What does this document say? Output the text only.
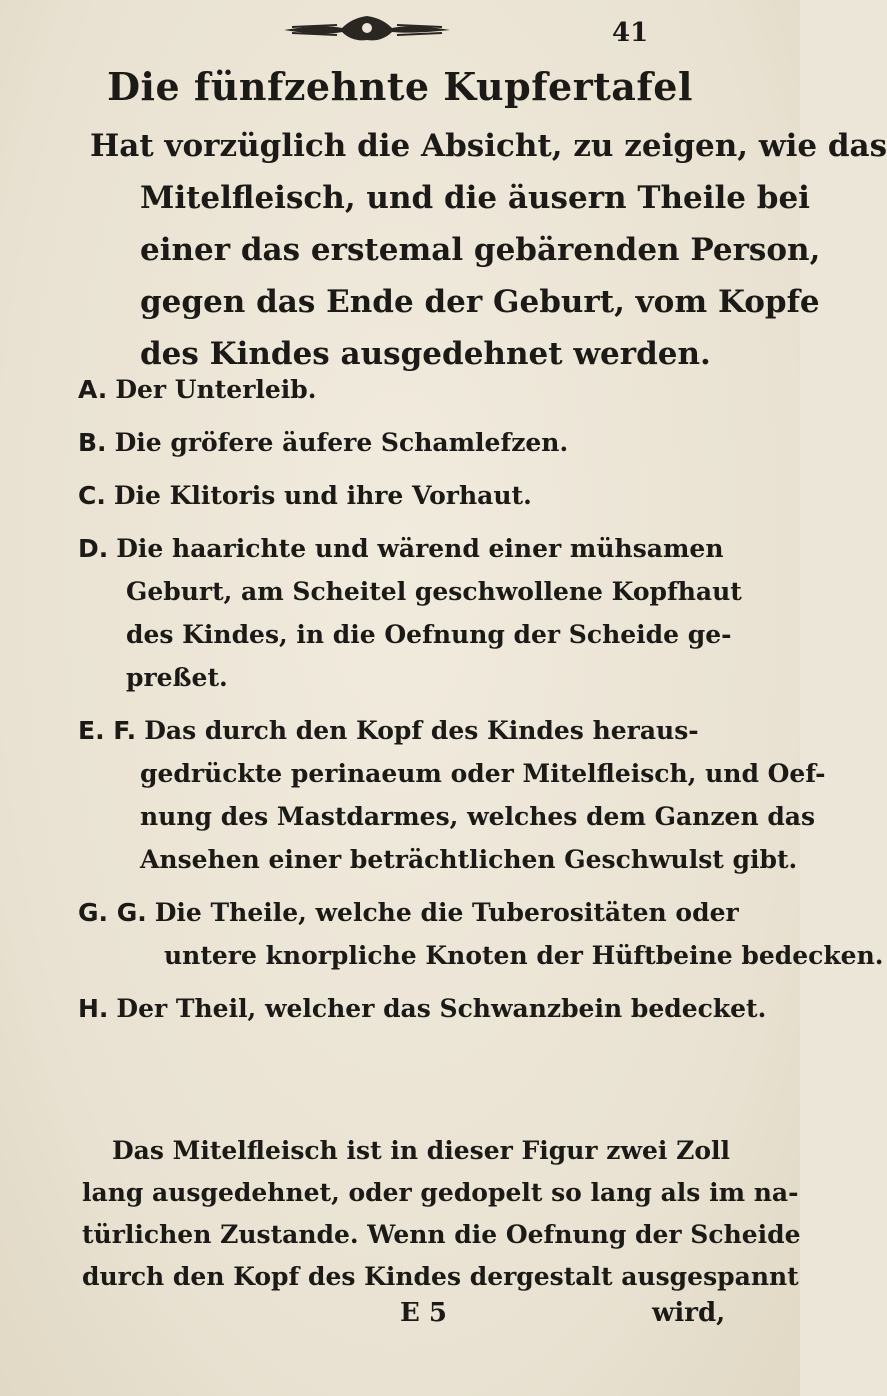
41
Die fünfzehnte Kupfertafel
Hat vorzüglich die Absicht, zu zeigen, wie das
Mitelfleisch, und die äusern Theile bei
einer das erstemal gebärenden Person,
gegen das Ende der Geburt, vom Kopfe
des Kindes ausgedehnet werden.
A. Der Unterleib.
B. Die gröfere äufere Schamlefzen.
C. Die Klitoris und ihre Vorhaut.
D. Die haarichte und wärend einer mühsamen
Geburt, am Scheitel geschwollene Kopfhaut
des Kindes, in die Oefnung der Scheide ge-
preßet.
E. F. Das durch den Kopf des Kindes heraus-
gedrückte perinaeum oder Mitelfleisch, und Oef-
nung des Mastdarmes, welches dem Ganzen das
Ansehen einer beträchtlichen Geschwulst gibt.
G. G. Die Theile, welche die Tuberositäten oder
untere knorpliche Knoten der Hüftbeine bedecken.
H. Der Theil, welcher das Schwanzbein bedecket.
Das Mitelfleisch ist in dieser Figur zwei Zoll
lang ausgedehnet, oder gedopelt so lang als im na-
türlichen Zustande. Wenn die Oefnung der Scheide
durch den Kopf des Kindes dergestalt ausgespannt
E 5	wird,
